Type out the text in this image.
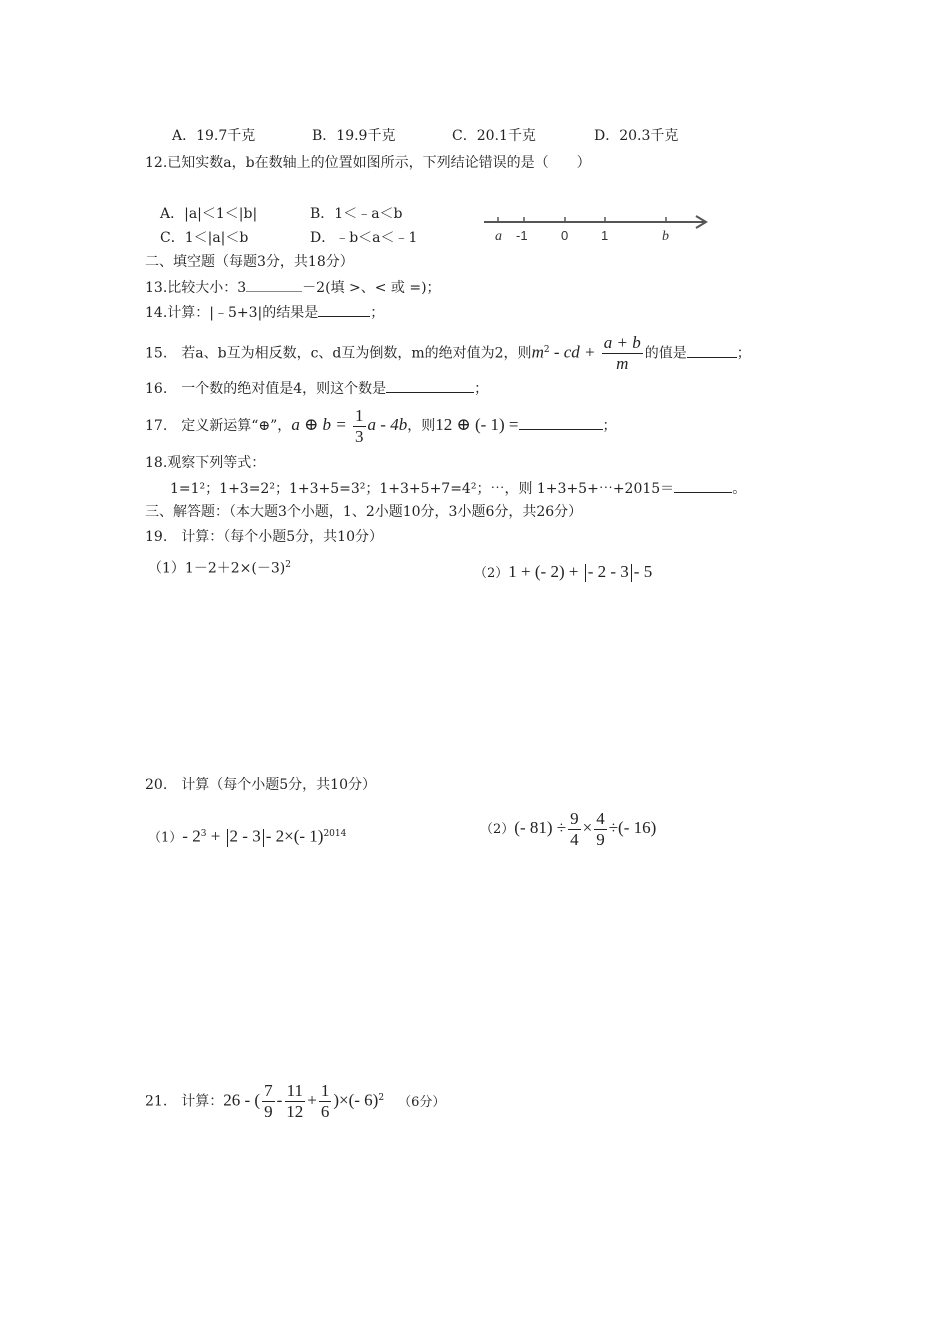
A．19.7千克	B．19.9千克	C．20.1千克	D．20.3千克
12.已知实数a，b在数轴上的位置如图所示，下列结论错误的是（　　）
A．|a|＜1＜|b|	B．1＜﹣a＜b
C．1＜|a|＜b	D．﹣b＜a＜﹣1	a -1	0	1	b
二、填空题（每题3分，共18分）
13.比较大小：3	－2(填 >、< 或 =)；
14.计算：|﹣5+3|的结果是	；
15.　若a、b互为相反数，c、d互为倒数，m的绝对值为2，则$m^2$ - cd + $\frac{a + b}{m}$ 的值是	；
16.　一个数的绝对值是4，则这个数是	；
17.　定义新运算“⊕”，a ⊕ $b = \frac{1}{3}$ a - 4b，则12 ⊕ (- 1) =	；
18.观察下列等式：
1=1²；1+3=2²；1+3+5=3²；1+3+5+7=4²；⋯，则 1+3+5+⋯+2015＝	。
三、解答题：（本大题3个小题，1、2小题10分，3小题6分，共26分）
19.　计算：（每个小题5分，共10分）
$(1)1-2+2\times(-3)^2$
（2）1 + (- 2) + - 2 - 3 - 5
20.　计算（每个小题5分，共10分）
（1）- $2^3 + 2 - 3 - 2\times(-$ 1)$^{2014}$	（2）(- $81) \div \frac{9}{4} \times \frac{4}{9}$ ÷(- 16)
21.　计算：26 - ( $\frac{7}{9} - \frac{11}{12} + \frac{1}{6}$ )×(- 6)$^2$ （6分）
